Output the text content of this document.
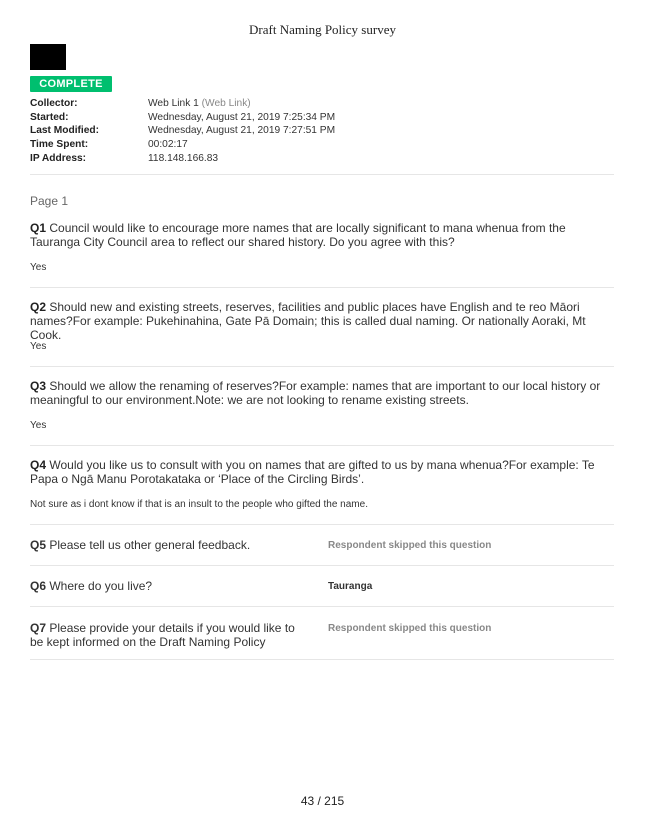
Draft Naming Policy survey
COMPLETE
Collector:	Web Link 1 (Web Link)
Started:	Wednesday, August 21, 2019 7:25:34 PM
Last Modified:	Wednesday, August 21, 2019 7:27:51 PM
Time Spent:	00:02:17
IP Address:	118.148.166.83
Page 1
Q1 Council would like to encourage more names that are locally significant to mana whenua from the Tauranga City Council area to reflect our shared history. Do you agree with this?
Yes
Q2 Should new and existing streets, reserves, facilities and public places have English and te reo Māori names?For example: Pukehinahina, Gate Pā Domain; this is called dual naming. Or nationally Aoraki, Mt Cook.
Yes
Q3 Should we allow the renaming of reserves?For example: names that are important to our local history or meaningful to our environment.Note: we are not looking to rename existing streets.
Yes
Q4 Would you like us to consult with you on names that are gifted to us by mana whenua?For example: Te Papa o Ngā Manu Porotakataka or ‘Place of the Circling Birds’.
Not sure as i dont know if that is an insult to the people who gifted the name.
Q5 Please tell us other general feedback.	Respondent skipped this question
Q6 Where do you live?	Tauranga
Q7 Please provide your details if you would like to be kept informed on the Draft Naming Policy
Respondent skipped this question
43 / 215
